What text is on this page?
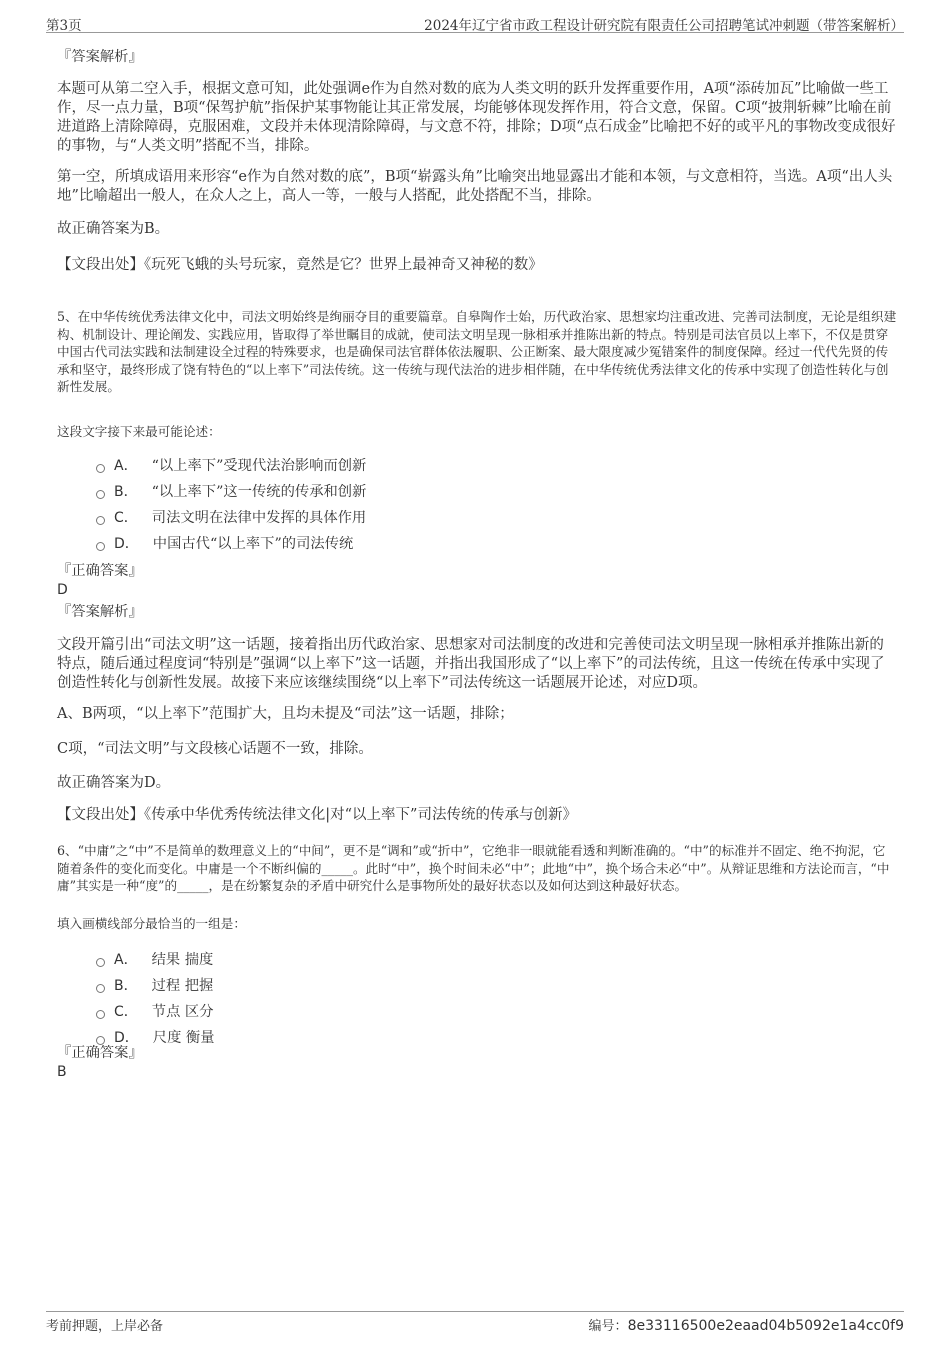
第3页	2024年辽宁省市政工程设计研究院有限责任公司招聘笔试冲刺题（带答案解析）

『答案解析』

本题可从第二空入手，根据文意可知，此处强调e作为自然对数的底为人类文明的跃升发挥重要作用，A项“添砖加瓦”比喻做一些工作，尽一点力量，B项“保驾护航”指保护某事物能让其正常发展，均能够体现发挥作用，符合文意，保留。C项“披荆斩棘”比喻在前进道路上清除障碍，克服困难，文段并未体现清除障碍，与文意不符，排除；D项“点石成金”比喻把不好的或平凡的事物改变成很好的事物，与“人类文明”搭配不当，排除。

第一空，所填成语用来形容“e作为自然对数的底”，B项“崭露头角”比喻突出地显露出才能和本领，与文意相符，当选。A项“出人头地”比喻超出一般人，在众人之上，高人一等，一般与人搭配，此处搭配不当，排除。

故正确答案为B。

【文段出处】《玩死飞蛾的头号玩家，竟然是它？世界上最神奇又神秘的数》

5、在中华传统优秀法律文化中，司法文明始终是绚丽夺目的重要篇章。自皋陶作士始，历代政治家、思想家均注重改进、完善司法制度，无论是组织建构、机制设计、理论阐发、实践应用，皆取得了举世瞩目的成就，使司法文明呈现一脉相承并推陈出新的特点。特别是司法官员以上率下，不仅是贯穿中国古代司法实践和法制建设全过程的特殊要求，也是确保司法官群体依法履职、公正断案、最大限度减少冤错案件的制度保障。经过一代代先贤的传承和坚守，最终形成了饶有特色的“以上率下”司法传统。这一传统与现代法治的进步相伴随，在中华传统优秀法律文化的传承中实现了创造性转化与创新性发展。

这段文字接下来最可能论述：

A． “以上率下”受现代法治影响而创新
B． “以上率下”这一传统的传承和创新
C． 司法文明在法律中发挥的具体作用
D． 中国古代“以上率下”的司法传统

『正确答案』

D

『答案解析』

文段开篇引出“司法文明”这一话题，接着指出历代政治家、思想家对司法制度的改进和完善使司法文明呈现一脉相承并推陈出新的特点，随后通过程度词“特别是”强调“以上率下”这一话题，并指出我国形成了“以上率下”的司法传统，且这一传统在传承中实现了创造性转化与创新性发展。故接下来应该继续围绕“以上率下”司法传统这一话题展开论述，对应D项。

A、B两项，“以上率下”范围扩大，且均未提及“司法”这一话题，排除；

C项，“司法文明”与文段核心话题不一致，排除。

故正确答案为D。

【文段出处】《传承中华优秀传统法律文化|对“以上率下”司法传统的传承与创新》

6、“中庸”之“中”不是简单的数理意义上的“中间”，更不是“调和”或“折中”，它绝非一眼就能看透和判断准确的。“中”的标准并不固定、绝不拘泥，它随着条件的变化而变化。中庸是一个不断纠偏的_____。此时“中”，换个时间未必“中”；此地“中”，换个场合未必“中”。从辩证思维和方法论而言，“中庸”其实是一种“度”的_____，是在纷繁复杂的矛盾中研究什么是事物所处的最好状态以及如何达到这种最好状态。

填入画横线部分最恰当的一组是：

A． 结果 揣度
B． 过程 把握
C． 节点 区分
D． 尺度 衡量

『正确答案』

B

考前押题，上岸必备	编号：8e33116500e2eaad04b5092e1a4cc0f9
